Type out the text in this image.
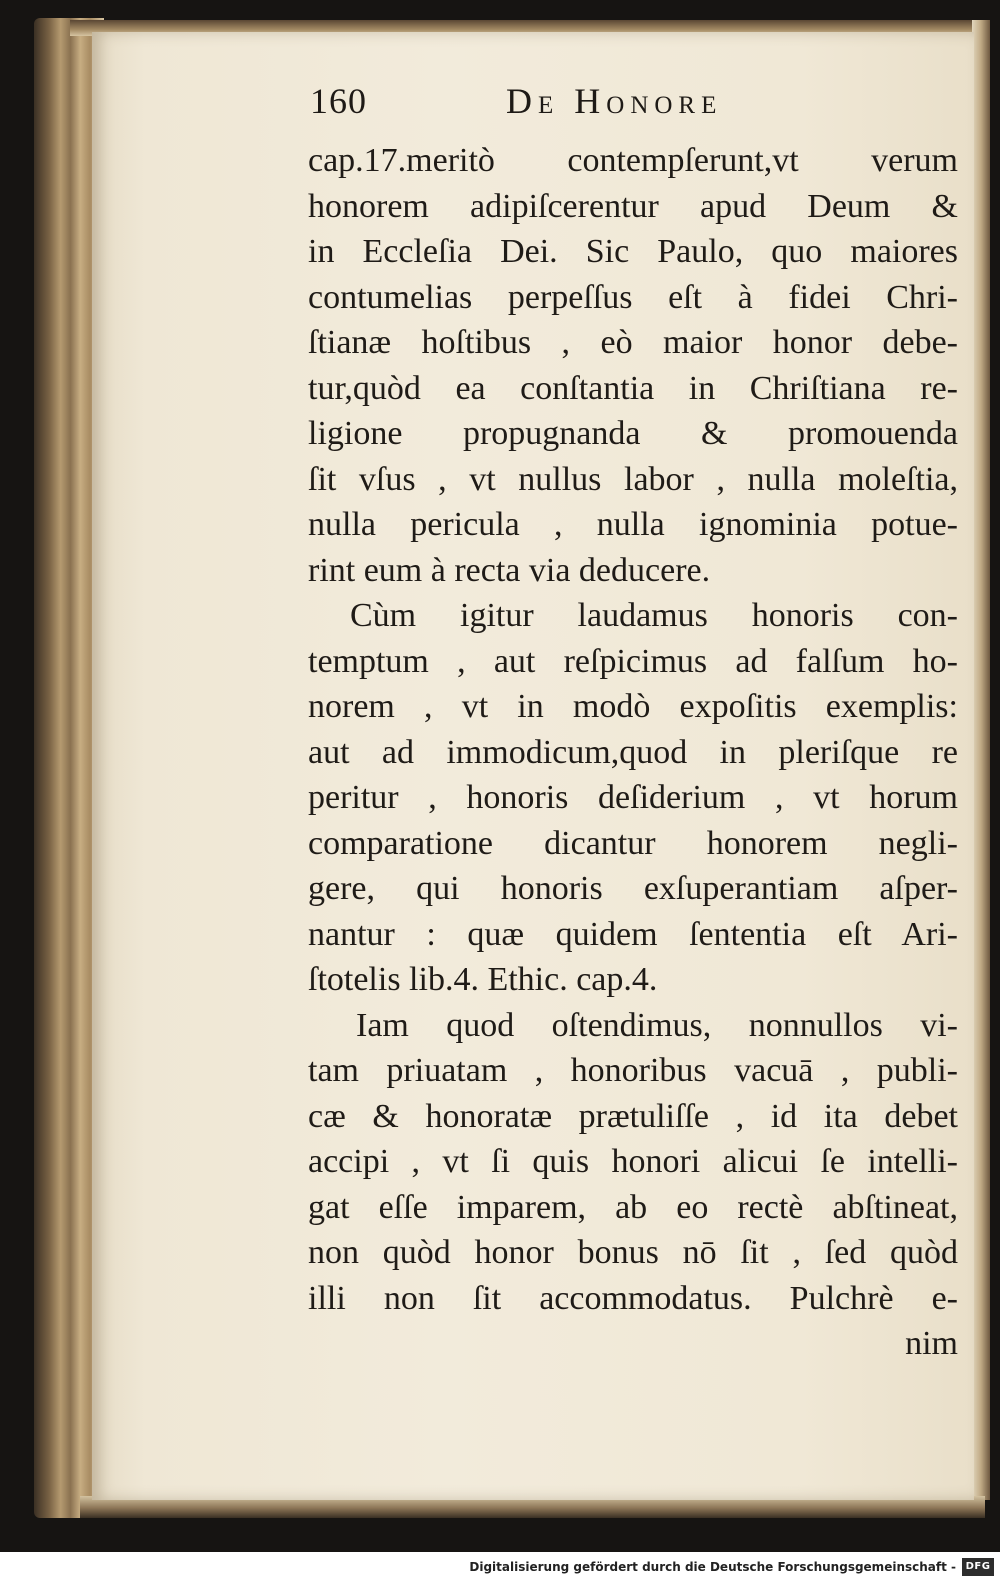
160	De Honore
cap.17.meritò contempſerunt,vt verum
honorem adipiſcerentur apud Deum &
in Eccleſia Dei. Sic Paulo, quo maiores
contumelias perpeſſus eſt à fidei Chri-
ſtianæ hoſtibus , eò maior honor debe-
tur,quòd ea conſtantia in Chriſtiana re-
ligione propugnanda & promouenda
ſit vſus , vt nullus labor , nulla moleſtia,
nulla pericula , nulla ignominia potue-
rint eum à recta via deducere.
Cùm igitur laudamus honoris con-
temptum , aut reſpicimus ad falſum ho-
norem , vt in modò expoſitis exemplis:
aut ad immodicum,quod in pleriſque re
peritur , honoris deſiderium , vt horum
comparatione dicantur honorem negli-
gere, qui honoris exſuperantiam aſper-
nantur : quæ quidem ſententia eſt Ari-
ſtotelis lib.4. Ethic. cap.4.
Iam quod oſtendimus, nonnullos vi-
tam priuatam , honoribus vacuā , publi-
cæ & honoratæ prætuliſſe , id ita debet
accipi , vt ſi quis honori alicui ſe intelli-
gat eſſe imparem, ab eo rectè abſtineat,
non quòd honor bonus nō ſit , ſed quòd
illi non ſit accommodatus. Pulchrè e-
nim
Digitalisierung gefördert durch die Deutsche Forschungsgemeinschaft - DFG
